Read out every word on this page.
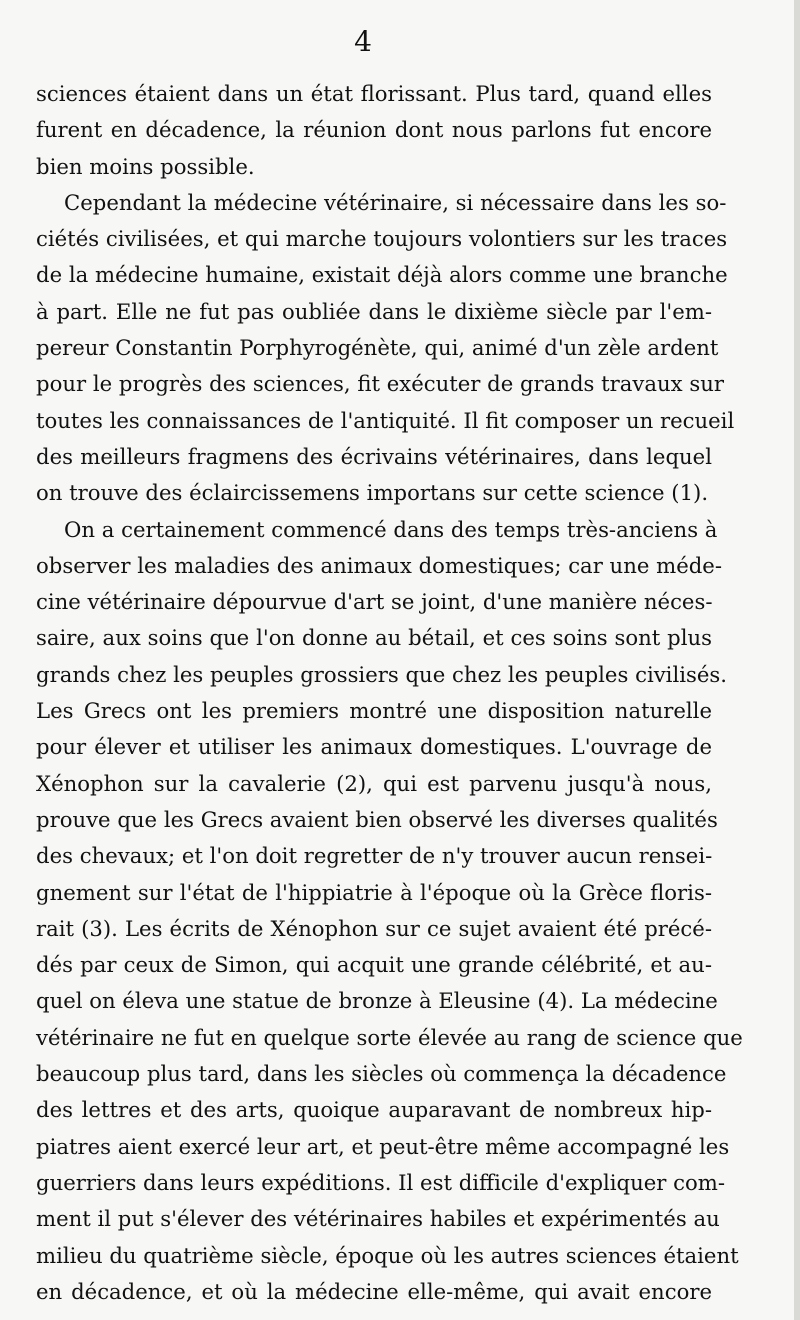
4
sciences étaient dans un état florissant. Plus tard, quand elles
furent en décadence, la réunion dont nous parlons fut encore
bien moins possible.
Cependant la médecine vétérinaire, si nécessaire dans les so-
ciétés civilisées, et qui marche toujours volontiers sur les traces
de la médecine humaine, existait déjà alors comme une branche
à part. Elle ne fut pas oubliée dans le dixième siècle par l'em-
pereur Constantin Porphyrogénète, qui, animé d'un zèle ardent
pour le progrès des sciences, fit exécuter de grands travaux sur
toutes les connaissances de l'antiquité. Il fit composer un recueil
des meilleurs fragmens des écrivains vétérinaires, dans lequel
on trouve des éclaircissemens importans sur cette science (1).
On a certainement commencé dans des temps très-anciens à
observer les maladies des animaux domestiques; car une méde-
cine vétérinaire dépourvue d'art se joint, d'une manière néces-
saire, aux soins que l'on donne au bétail, et ces soins sont plus
grands chez les peuples grossiers que chez les peuples civilisés.
Les Grecs ont les premiers montré une disposition naturelle
pour élever et utiliser les animaux domestiques. L'ouvrage de
Xénophon sur la cavalerie (2), qui est parvenu jusqu'à nous,
prouve que les Grecs avaient bien observé les diverses qualités
des chevaux; et l'on doit regretter de n'y trouver aucun rensei-
gnement sur l'état de l'hippiatrie à l'époque où la Grèce floris-
rait (3). Les écrits de Xénophon sur ce sujet avaient été précé-
dés par ceux de Simon, qui acquit une grande célébrité, et au-
quel on éleva une statue de bronze à Eleusine (4). La médecine
vétérinaire ne fut en quelque sorte élevée au rang de science que
beaucoup plus tard, dans les siècles où commença la décadence
des lettres et des arts, quoique auparavant de nombreux hip-
piatres aient exercé leur art, et peut-être même accompagné les
guerriers dans leurs expéditions. Il est difficile d'expliquer com-
ment il put s'élever des vétérinaires habiles et expérimentés au
milieu du quatrième siècle, époque où les autres sciences étaient
en décadence, et où la médecine elle-même, qui avait encore
